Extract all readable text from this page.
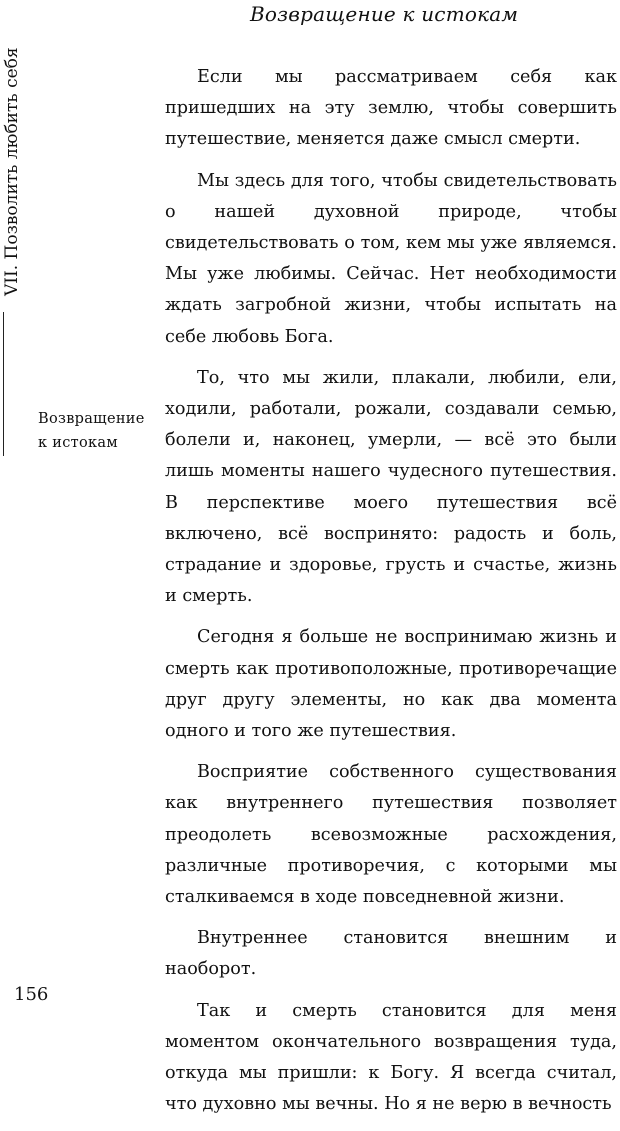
Возвращение к истокам
VII. Позволить любить себя
Возвращение
к истокам

Если мы рассматриваем себя как пришедших на эту землю, чтобы совершить путешествие, меняется даже смысл смерти.

Мы здесь для того, чтобы свидетельствовать о нашей духовной природе, чтобы свидетельствовать о том, кем мы уже являемся. Мы уже любимы. Сейчас. Нет необходимости ждать загробной жизни, чтобы испытать на себе любовь Бога.

То, что мы жили, плакали, любили, ели, ходили, работали, рожали, создавали семью, болели и, наконец, умерли, — всё это были лишь моменты нашего чудесного путешествия. В перспективе моего путешествия всё включено, всё воспринято: радость и боль, страдание и здоровье, грусть и счастье, жизнь и смерть.

Сегодня я больше не воспринимаю жизнь и смерть как противоположные, противоречащие друг другу элементы, но как два момента одного и того же путешествия.

Восприятие собственного существования как внутреннего путешествия позволяет преодолеть всевозможные расхождения, различные противоречия, с которыми мы сталкиваемся в ходе повседневной жизни.

Внутреннее становится внешним и наоборот.

Так и смерть становится для меня моментом окончательного возвращения туда, откуда мы пришли: к Богу. Я всегда считал, что духовно мы вечны. Но я не верю в вечность

156
